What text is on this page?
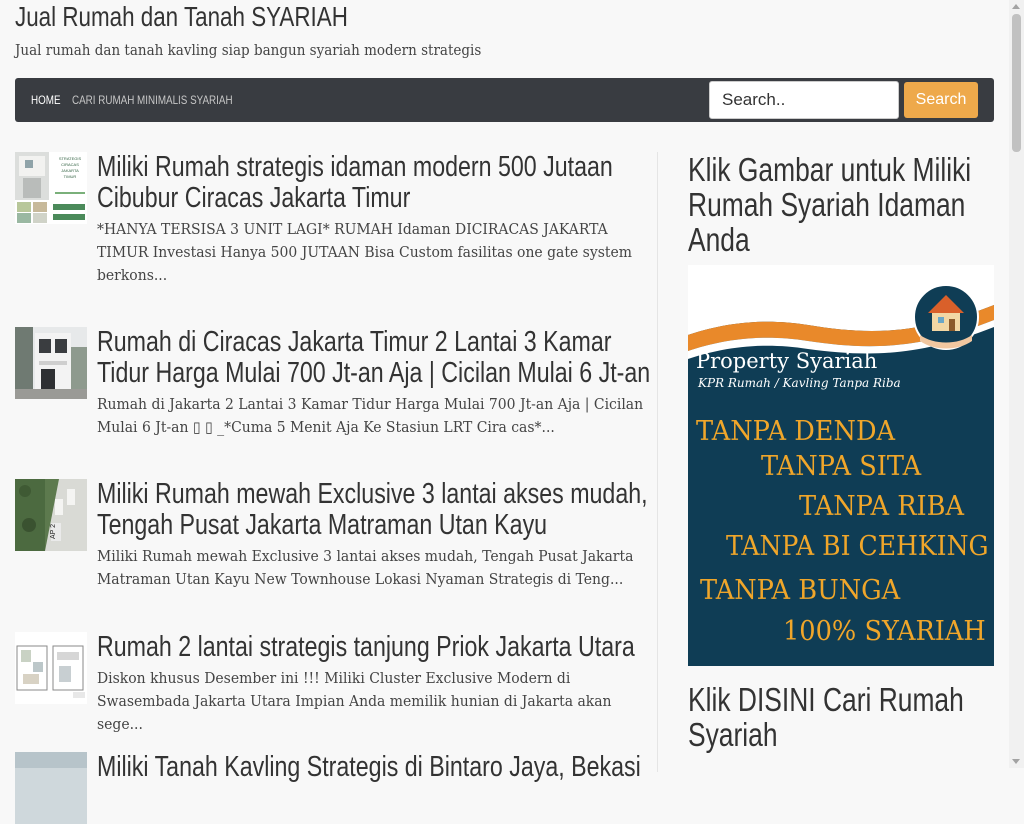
Jual Rumah dan Tanah SYARIAH
Jual rumah dan tanah kavling siap bangun syariah modern strategis
HOME CARI RUMAH MINIMALIS SYARIAH
Search..	Search
STRATEGIS
CIRACAS
JAKARTA
TIMUR Miliki Rumah strategis idaman modern 500 Jutaan Cibubur Ciracas Jakarta Timur

*HANYA TERSISA 3 UNIT LAGI* RUMAH Idaman DICIRACAS JAKARTA TIMUR Investasi Hanya 500 JUTAAN Bisa Custom fasilitas one gate system berkons...

Rumah di Ciracas Jakarta Timur 2 Lantai 3 Kamar Tidur Harga Mulai 700 Jt-an Aja | Cicilan Mulai 6 Jt-an

Rumah di Jakarta 2 Lantai 3 Kamar Tidur Harga Mulai 700 Jt-an Aja | Cicilan Mulai 6 Jt-an ▯ ▯ _*Cuma 5 Menit Aja Ke Stasiun LRT Cira cas*...

AP 2
Miliki Rumah mewah Exclusive 3 lantai akses mudah, Tengah Pusat Jakarta Matraman Utan Kayu

Miliki Rumah mewah Exclusive 3 lantai akses mudah, Tengah Pusat Jakarta Matraman Utan Kayu New Townhouse Lokasi Nyaman Strategis di Teng...

Rumah 2 lantai strategis tanjung Priok Jakarta Utara

Diskon khusus Desember ini !!! Miliki Cluster Exclusive Modern di Swasembada Jakarta Utara Impian Anda memilik hunian di Jakarta akan sege...

Miliki Tanah Kavling Strategis di Bintaro Jaya, Bekasi
Klik Gambar untuk Miliki Rumah Syariah Idaman Anda
Property Syariah
KPR Rumah / Kavling Tanpa Riba
TANPA DENDA
TANPA SITA
TANPA RIBA
TANPA BI CEHKING
TANPA BUNGA
100% SYARIAH
Klik DISINI Cari Rumah Syariah
